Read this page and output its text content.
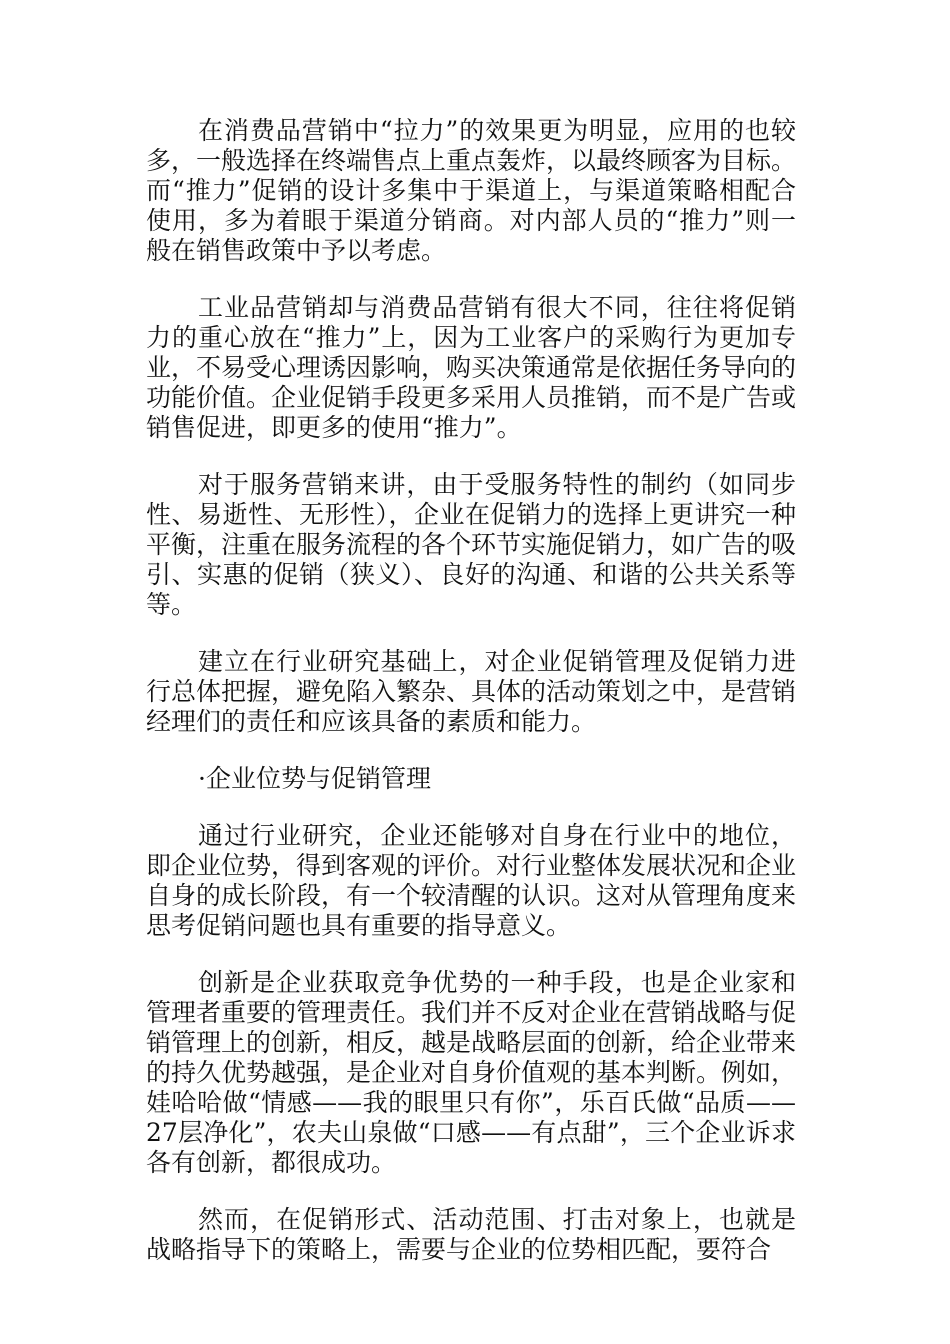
在消费品营销中“拉力”的效果更为明显，应用的也较多，一般选择在终端售点上重点轰炸，以最终顾客为目标。而“推力”促销的设计多集中于渠道上，与渠道策略相配合使用，多为着眼于渠道分销商。对内部人员的“推力”则一般在销售政策中予以考虑。

工业品营销却与消费品营销有很大不同，往往将促销力的重心放在“推力”上，因为工业客户的采购行为更加专业，不易受心理诱因影响，购买决策通常是依据任务导向的功能价值。企业促销手段更多采用人员推销，而不是广告或销售促进，即更多的使用“推力”。

对于服务营销来讲，由于受服务特性的制约（如同步性、易逝性、无形性），企业在促销力的选择上更讲究一种平衡，注重在服务流程的各个环节实施促销力，如广告的吸引、实惠的促销（狭义）、良好的沟通、和谐的公共关系等等。

建立在行业研究基础上，对企业促销管理及促销力进行总体把握，避免陷入繁杂、具体的活动策划之中，是营销经理们的责任和应该具备的素质和能力。

·企业位势与促销管理

通过行业研究，企业还能够对自身在行业中的地位，即企业位势，得到客观的评价。对行业整体发展状况和企业自身的成长阶段，有一个较清醒的认识。这对从管理角度来思考促销问题也具有重要的指导意义。

创新是企业获取竞争优势的一种手段，也是企业家和管理者重要的管理责任。我们并不反对企业在营销战略与促销管理上的创新，相反，越是战略层面的创新，给企业带来的持久优势越强，是企业对自身价值观的基本判断。例如，娃哈哈做“情感——我的眼里只有你”，乐百氏做“品质——27层净化”，农夫山泉做“口感——有点甜”，三个企业诉求各有创新，都很成功。

然而，在促销形式、活动范围、打击对象上，也就是战略指导下的策略上，需要与企业的位势相匹配，要符合
